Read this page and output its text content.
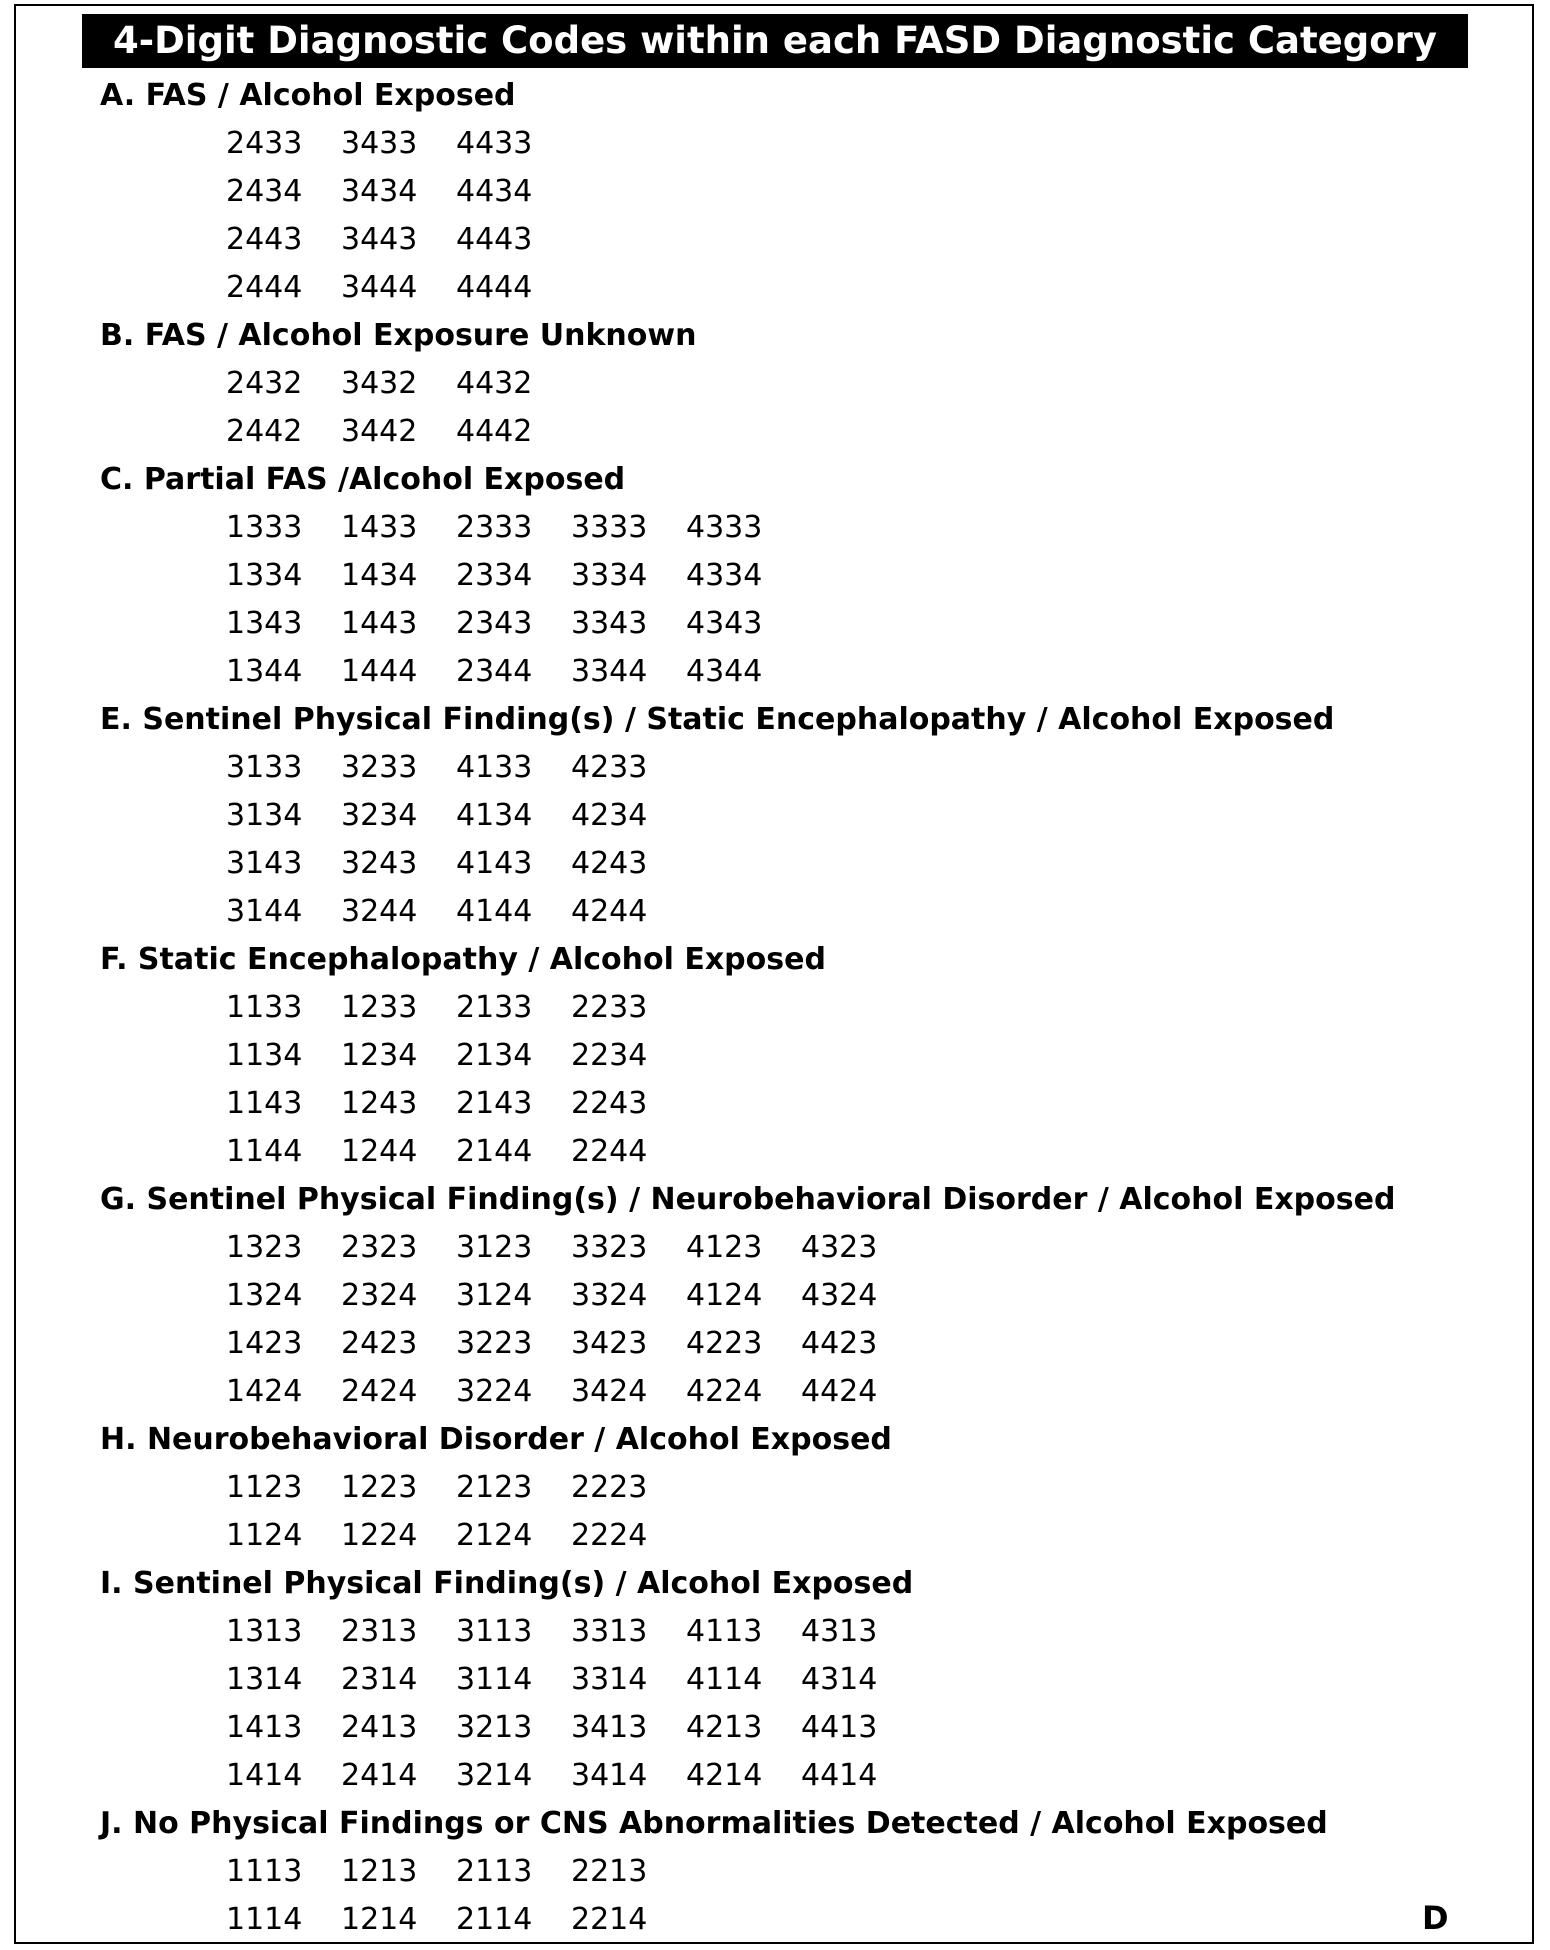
4-Digit Diagnostic Codes within each FASD Diagnostic Category
A. FAS / Alcohol Exposed
2433 3433 4433
2434 3434 4434
2443 3443 4443
2444 3444 4444
B. FAS / Alcohol Exposure Unknown
2432 3432 4432
2442 3442 4442
C. Partial FAS /Alcohol Exposed
1333 1433 2333 3333 4333
1334 1434 2334 3334 4334
1343 1443 2343 3343 4343
1344 1444 2344 3344 4344
E. Sentinel Physical Finding(s) / Static Encephalopathy / Alcohol Exposed
3133 3233 4133 4233
3134 3234 4134 4234
3143 3243 4143 4243
3144 3244 4144 4244
F. Static Encephalopathy / Alcohol Exposed
1133 1233 2133 2233
1134 1234 2134 2234
1143 1243 2143 2243
1144 1244 2144 2244
G. Sentinel Physical Finding(s) / Neurobehavioral Disorder / Alcohol Exposed
1323 2323 3123 3323 4123 4323
1324 2324 3124 3324 4124 4324
1423 2423 3223 3423 4223 4423
1424 2424 3224 3424 4224 4424
H. Neurobehavioral Disorder / Alcohol Exposed
1123 1223 2123 2223
1124 1224 2124 2224
I. Sentinel Physical Finding(s) / Alcohol Exposed
1313 2313 3113 3313 4113 4313
1314 2314 3114 3314 4114 4314
1413 2413 3213 3413 4213 4413
1414 2414 3214 3414 4214 4414
J. No Physical Findings or CNS Abnormalities Detected / Alcohol Exposed
1113 1213 2113 2213
1114 1214 2114 2214	D
